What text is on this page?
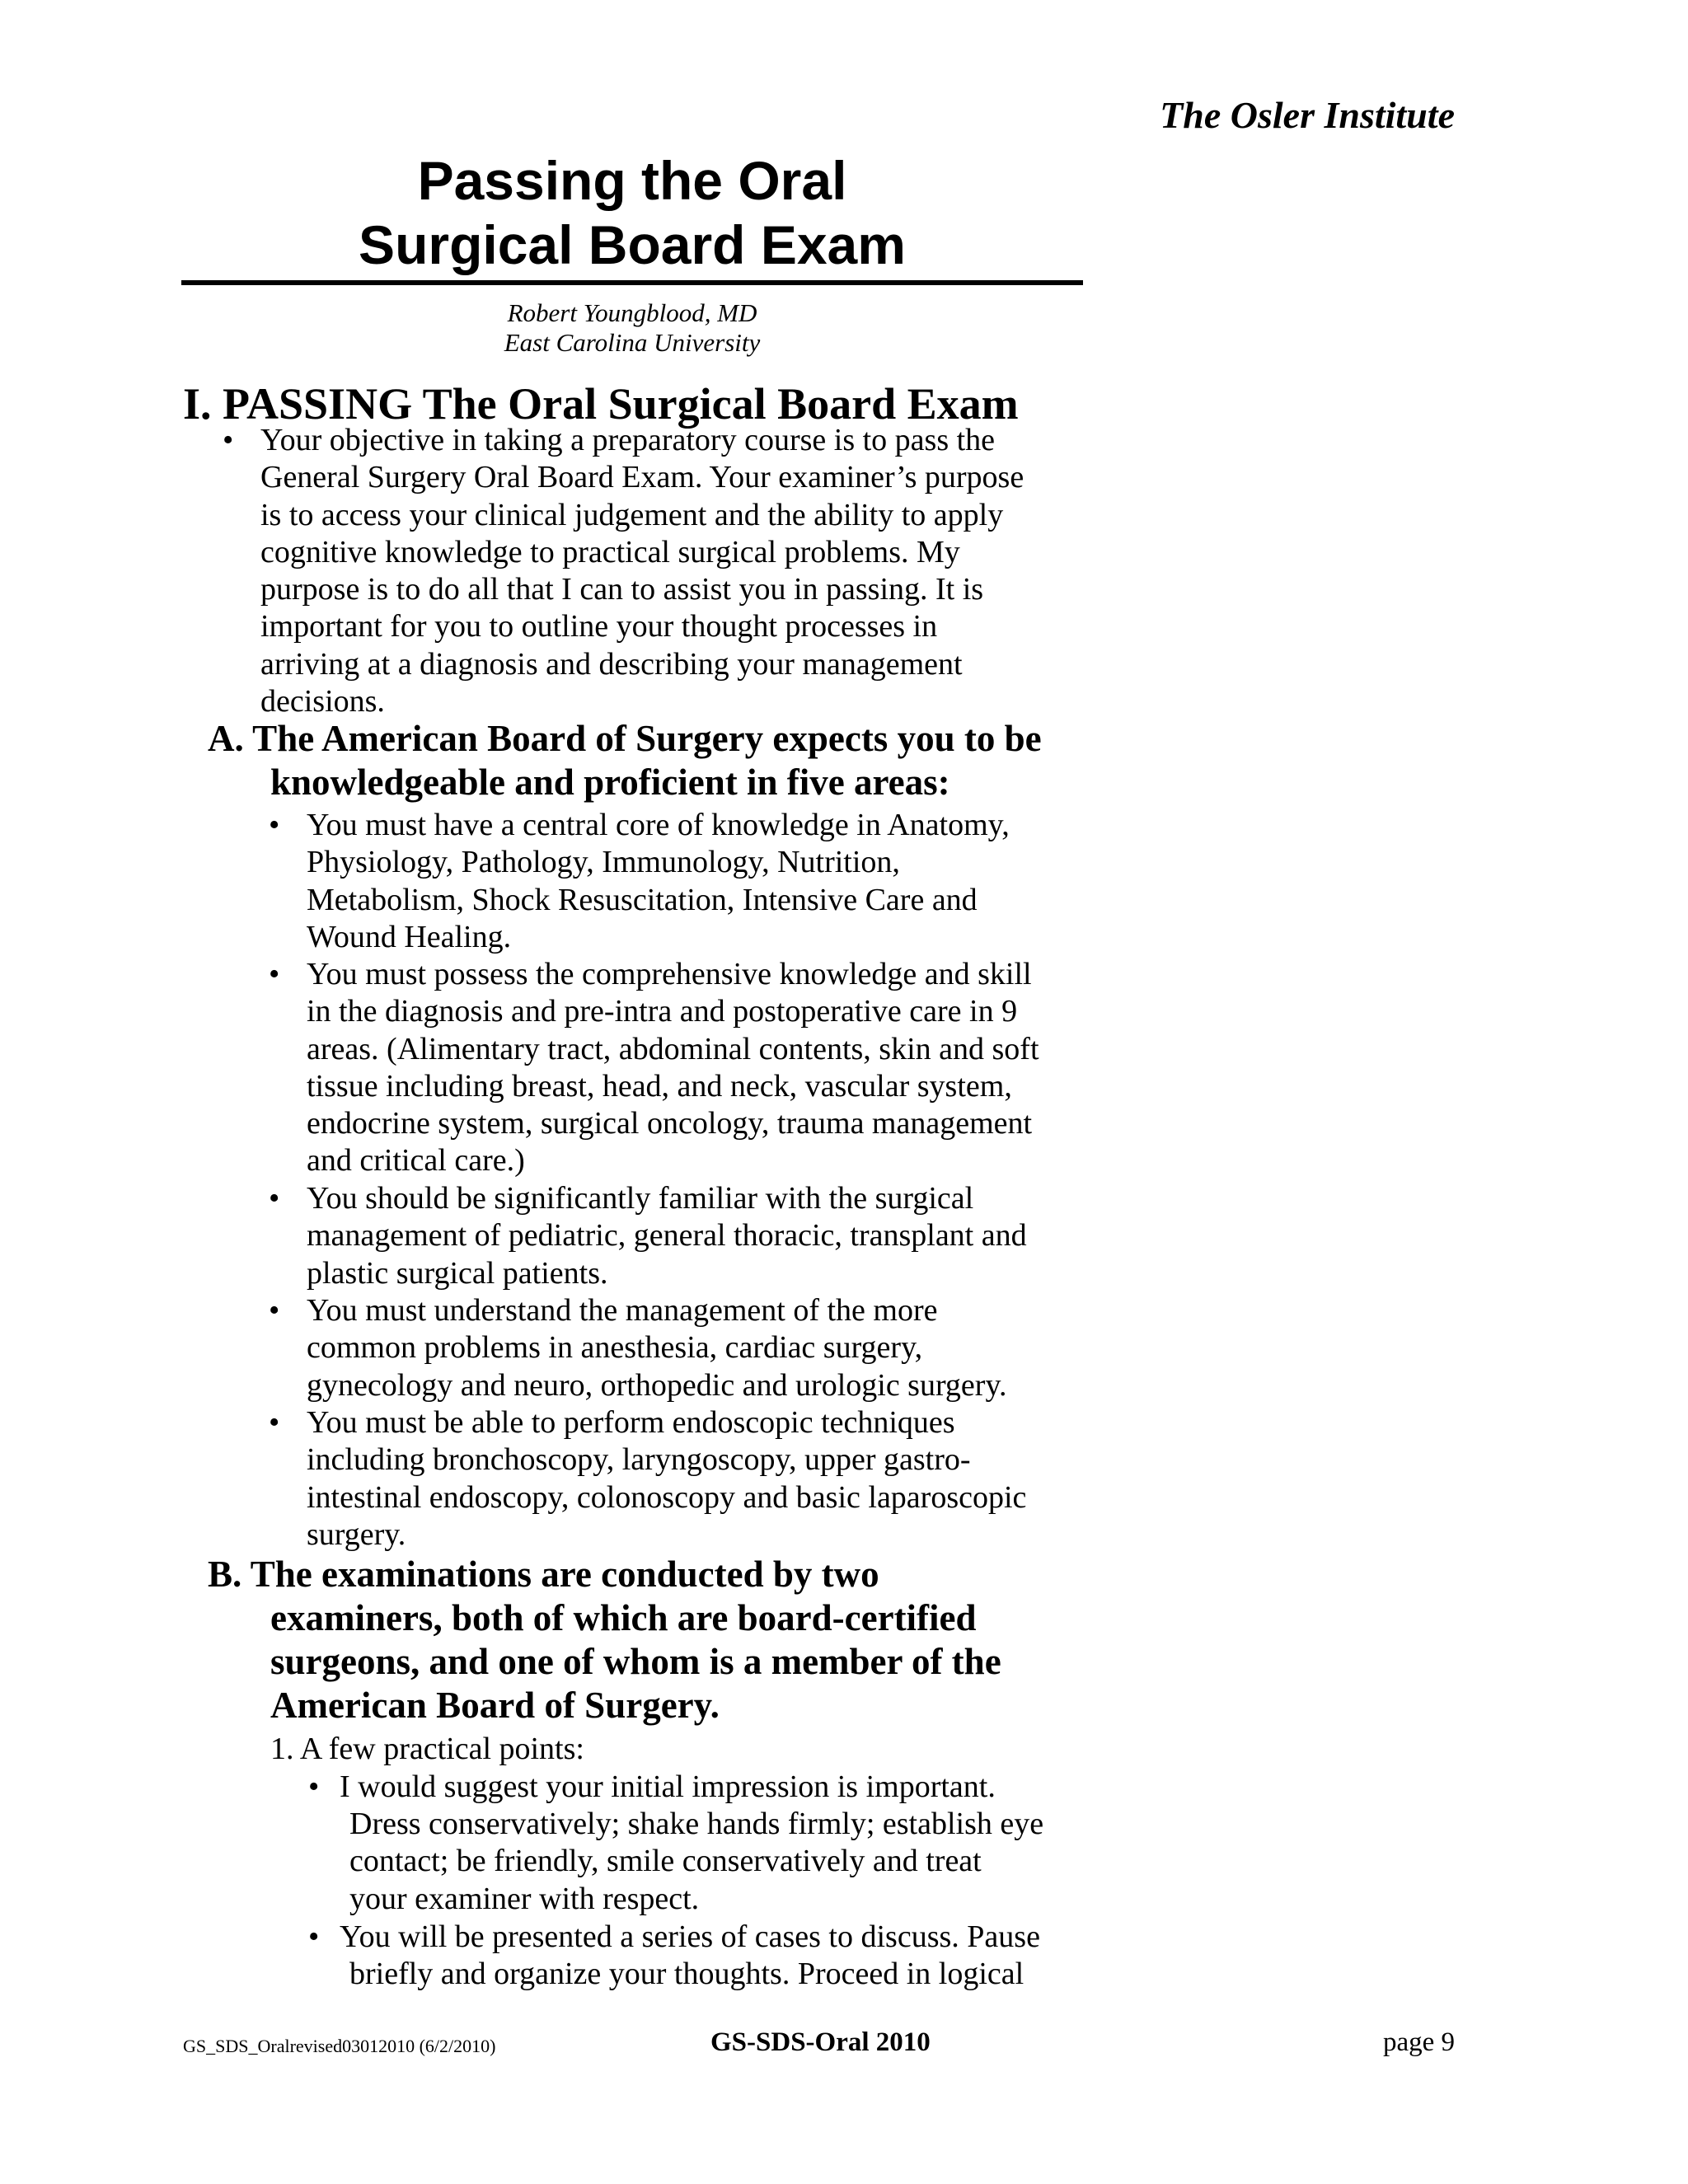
The Osler Institute
Passing the Oral
Surgical Board Exam
Robert Youngblood, MD
East Carolina University
I. PASSING The Oral Surgical Board Exam
• Your objective in taking a preparatory course is to pass the
General Surgery Oral Board Exam. Your examiner’s purpose
is to access your clinical judgement and the ability to apply
cognitive knowledge to practical surgical problems. My
purpose is to do all that I can to assist you in passing. It is
important for you to outline your thought processes in
arriving at a diagnosis and describing your management
decisions.
A. The American Board of Surgery expects you to be
knowledgeable and proficient in five areas:
• You must have a central core of knowledge in Anatomy,
Physiology, Pathology, Immunology, Nutrition,
Metabolism, Shock Resuscitation, Intensive Care and
Wound Healing.
• You must possess the comprehensive knowledge and skill
in the diagnosis and pre-intra and postoperative care in 9
areas. (Alimentary tract, abdominal contents, skin and soft
tissue including breast, head, and neck, vascular system,
endocrine system, surgical oncology, trauma management
and critical care.)
• You should be significantly familiar with the surgical
management of pediatric, general thoracic, transplant and
plastic surgical patients.
• You must understand the management of the more
common problems in anesthesia, cardiac surgery,
gynecology and neuro, orthopedic and urologic surgery.
• You must be able to perform endoscopic techniques
including bronchoscopy, laryngoscopy, upper gastro-
intestinal endoscopy, colonoscopy and basic laparoscopic
surgery.
B. The examinations are conducted by two
examiners, both of which are board-certified
surgeons, and one of whom is a member of the
American Board of Surgery.
1. A few practical points:
• I would suggest your initial impression is important.
Dress conservatively; shake hands firmly; establish eye
contact; be friendly, smile conservatively and treat
your examiner with respect.
• You will be presented a series of cases to discuss. Pause
briefly and organize your thoughts. Proceed in logical
GS_SDS_Oralrevised03012010 (6/2/2010)	GS-SDS-Oral 2010	page 9
